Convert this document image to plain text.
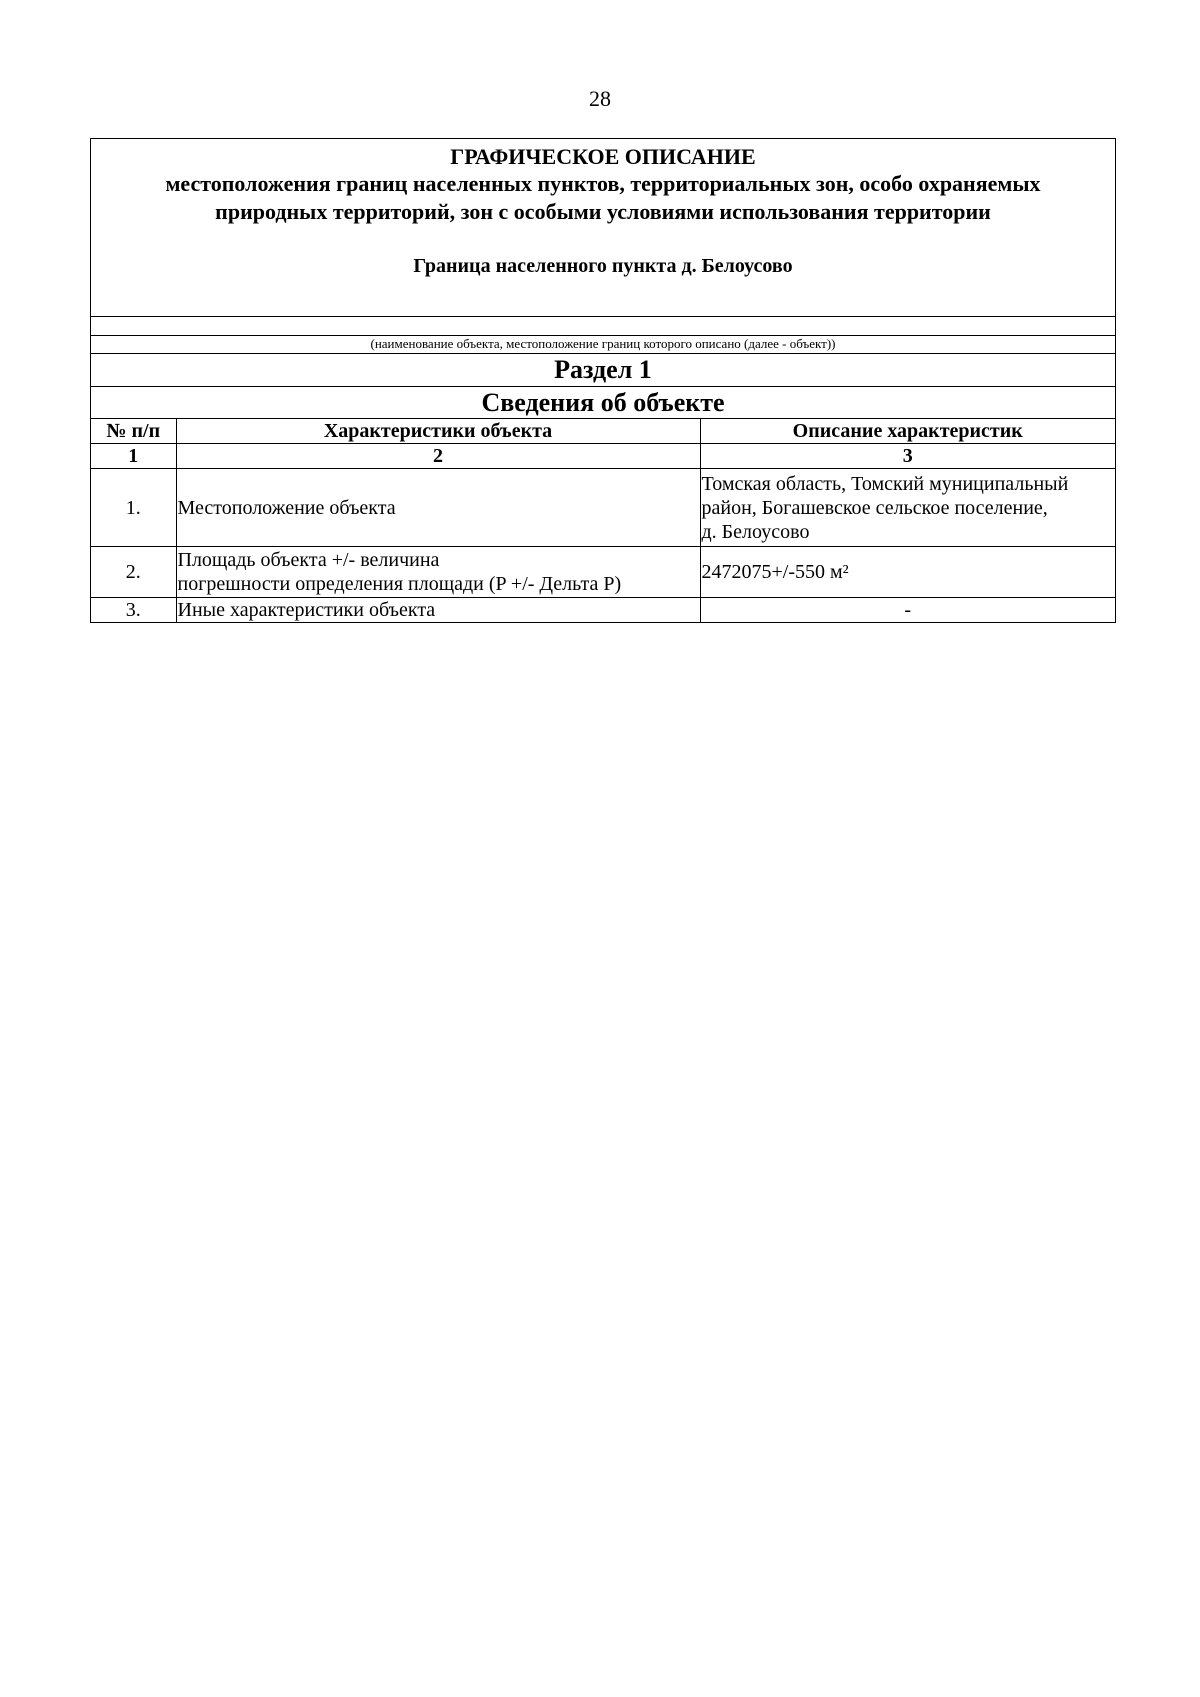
28
ГРАФИЧЕСКОЕ ОПИСАНИЕ
местоположения границ населенных пунктов, территориальных зон, особо охраняемых
природных территорий, зон с особыми условиями использования территории
Граница населенного пункта д. Белоусово
(наименование объекта, местоположение границ которого описано (далее - объект))
Раздел 1
Сведения об объекте
№ п/п	Характеристики объекта	Описание характеристик
1	2	3
1.	Местоположение объекта	Томская область, Томский муниципальный
район, Богашевское сельское поселение,
д. Белоусово

2.	Площадь объекта +/- величина
погрешности определения площади (P +/- Дельта P)	2472075+/-550 м²
3.	Иные характеристики объекта	-
